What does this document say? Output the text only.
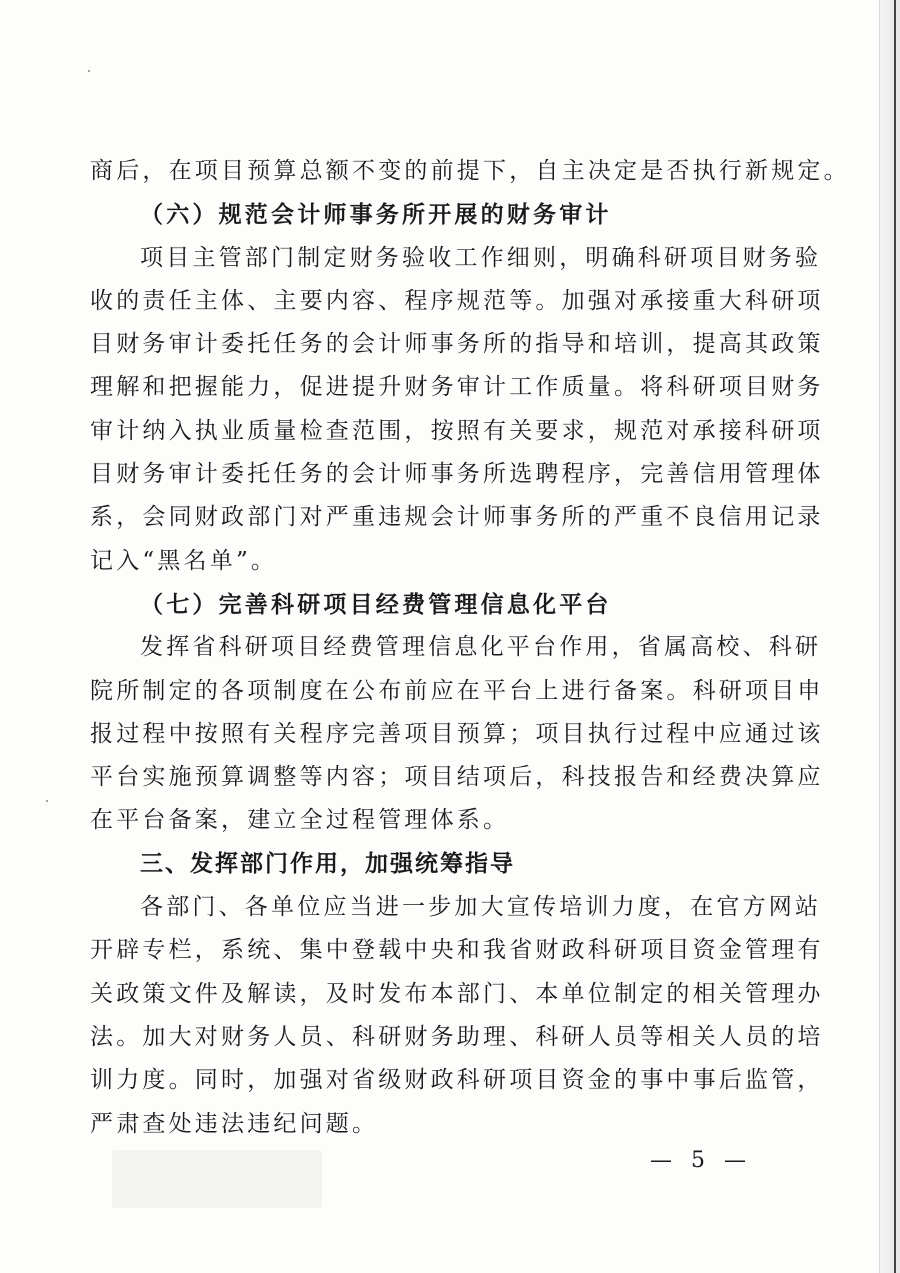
商后，在项目预算总额不变的前提下，自主决定是否执行新规定。
（六）规范会计师事务所开展的财务审计
项目主管部门制定财务验收工作细则，明确科研项目财务验
收的责任主体、主要内容、程序规范等。加强对承接重大科研项
目财务审计委托任务的会计师事务所的指导和培训，提高其政策
理解和把握能力，促进提升财务审计工作质量。将科研项目财务
审计纳入执业质量检查范围，按照有关要求，规范对承接科研项
目财务审计委托任务的会计师事务所选聘程序，完善信用管理体
系，会同财政部门对严重违规会计师事务所的严重不良信用记录
记入“黑名单”。
（七）完善科研项目经费管理信息化平台
发挥省科研项目经费管理信息化平台作用，省属高校、科研
院所制定的各项制度在公布前应在平台上进行备案。科研项目申
报过程中按照有关程序完善项目预算；项目执行过程中应通过该
平台实施预算调整等内容；项目结项后，科技报告和经费决算应
在平台备案，建立全过程管理体系。
三、发挥部门作用，加强统筹指导
各部门、各单位应当进一步加大宣传培训力度，在官方网站
开辟专栏，系统、集中登载中央和我省财政科研项目资金管理有
关政策文件及解读，及时发布本部门、本单位制定的相关管理办
法。加大对财务人员、科研财务助理、科研人员等相关人员的培
训力度。同时，加强对省级财政科研项目资金的事中事后监管，
严肃查处违法违纪问题。
— 5 —
